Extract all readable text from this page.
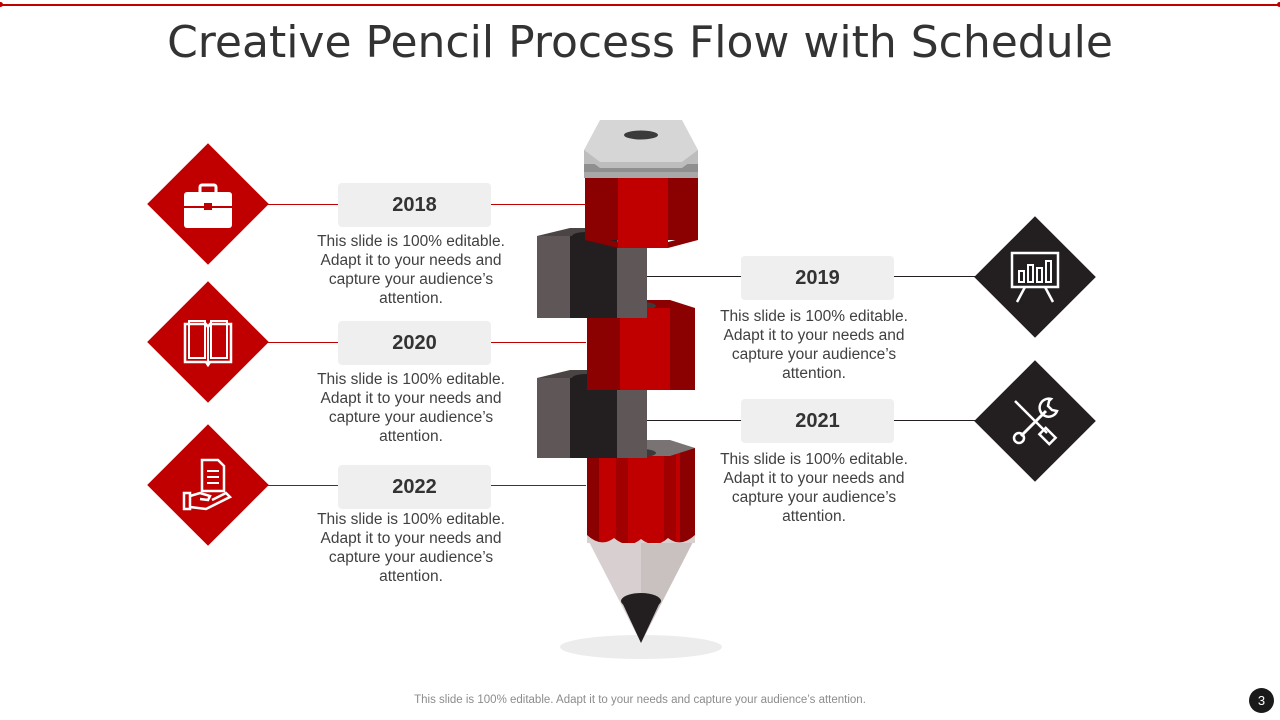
Creative Pencil Process Flow with Schedule
2018
This slide is 100% editable. Adapt it to your needs and capture your audience’s attention.
2019
This slide is 100% editable. Adapt it to your needs and capture your audience’s attention.
2020
This slide is 100% editable. Adapt it to your needs and capture your audience’s attention.
2021
This slide is 100% editable. Adapt it to your needs and capture your audience’s attention.
2022
This slide is 100% editable. Adapt it to your needs and capture your audience’s attention.
This slide is 100% editable. Adapt it to your needs and capture your audience’s attention.	3
